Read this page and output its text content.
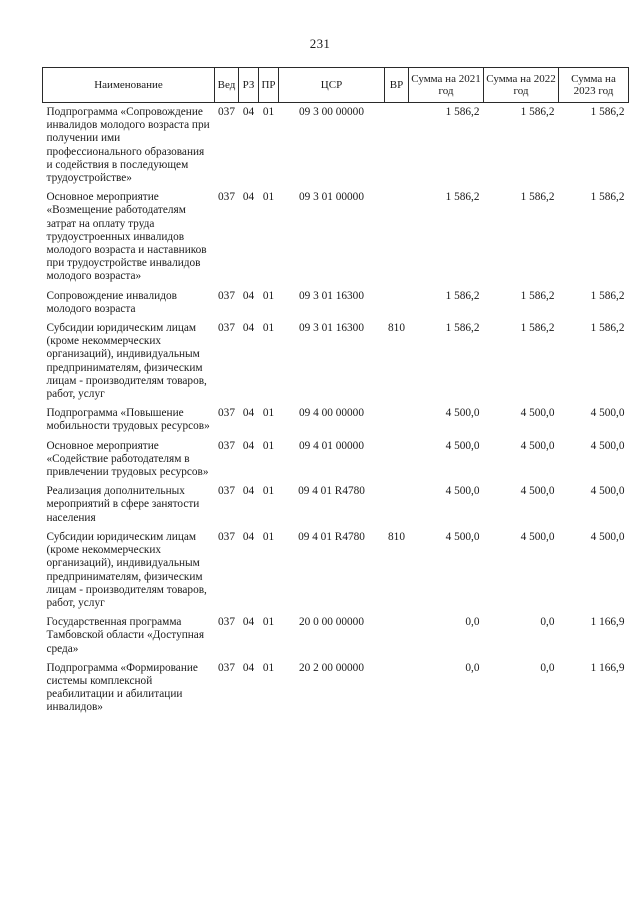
231
Наименование	Вед	РЗ	ПР	ЦСР	ВР	Сумма на 2021 год	Сумма на 2022 год	Сумма на 2023 год
Подпрограмма «Сопровождение инвалидов молодого возраста при получении ими профессионального образования и содействия в последующем трудоустройстве»	037	04	01	09 3 00 00000		1 586,2	1 586,2	1 586,2
Основное мероприятие «Возмещение работодателям затрат на оплату труда трудоустроенных инвалидов молодого возраста и наставников при трудоустройстве инвалидов молодого возраста»	037	04	01	09 3 01 00000		1 586,2	1 586,2	1 586,2
Сопровождение инвалидов молодого возраста	037	04	01	09 3 01 16300		1 586,2	1 586,2	1 586,2
Субсидии юридическим лицам (кроме некоммерческих организаций), индивидуальным предпринимателям, физическим лицам - производителям товаров, работ, услуг	037	04	01	09 3 01 16300	810	1 586,2	1 586,2	1 586,2
Подпрограмма «Повышение мобильности трудовых ресурсов»	037	04	01	09 4 00 00000		4 500,0	4 500,0	4 500,0
Основное мероприятие «Содействие работодателям в привлечении трудовых ресурсов»	037	04	01	09 4 01 00000		4 500,0	4 500,0	4 500,0
Реализация дополнительных мероприятий в сфере занятости населения	037	04	01	09 4 01 R4780		4 500,0	4 500,0	4 500,0
Субсидии юридическим лицам (кроме некоммерческих организаций), индивидуальным предпринимателям, физическим лицам - производителям товаров, работ, услуг	037	04	01	09 4 01 R4780	810	4 500,0	4 500,0	4 500,0
Государственная программа Тамбовской области «Доступная среда»	037	04	01	20 0 00 00000		0,0	0,0	1 166,9
Подпрограмма «Формирование системы комплексной реабилитации и абилитации инвалидов»	037	04	01	20 2 00 00000		0,0	0,0	1 166,9
